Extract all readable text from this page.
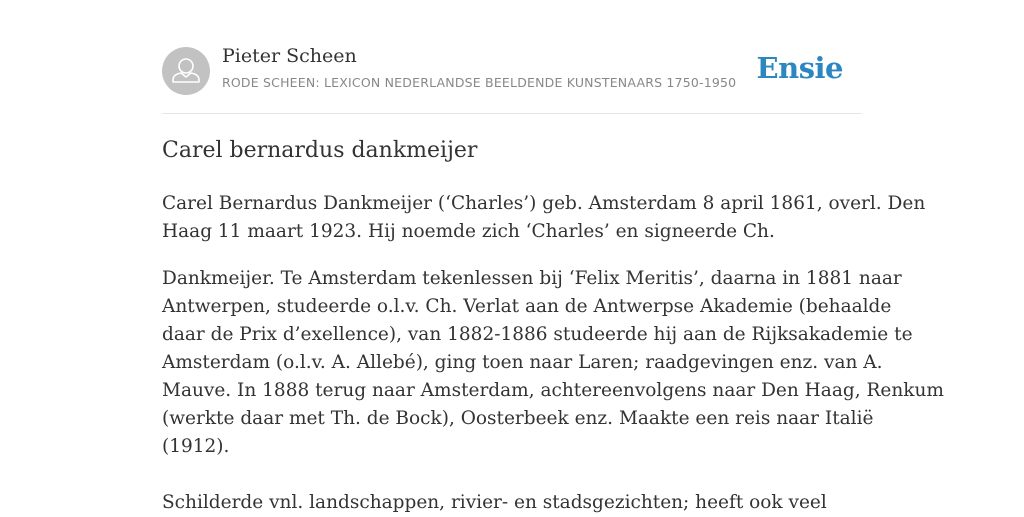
Pieter Scheen
RODE SCHEEN: LEXICON NEDERLANDSE BEELDENDE KUNSTENAARS 1750-1950 Ensie
Carel bernardus dankmeijer

Carel Bernardus Dankmeijer (‘Charles’) geb. Amsterdam 8 april 1861, overl. Den
Haag 11 maart 1923. Hij noemde zich ‘Charles’ en signeerde Ch.

Dankmeijer. Te Amsterdam tekenlessen bij ‘Felix Meritis’, daarna in 1881 naar
Antwerpen, studeerde o.l.v. Ch. Verlat aan de Antwerpse Akademie (behaalde
daar de Prix d’exellence), van 1882-1886 studeerde hij aan de Rijksakademie te
Amsterdam (o.l.v. A. Allebé), ging toen naar Laren; raadgevingen enz. van A.
Mauve. In 1888 terug naar Amsterdam, achtereenvolgens naar Den Haag, Renkum
(werkte daar met Th. de Bock), Oosterbeek enz. Maakte een reis naar Italië
(1912).

Schilderde vnl. landschappen, rivier- en stadsgezichten; heeft ook veel
